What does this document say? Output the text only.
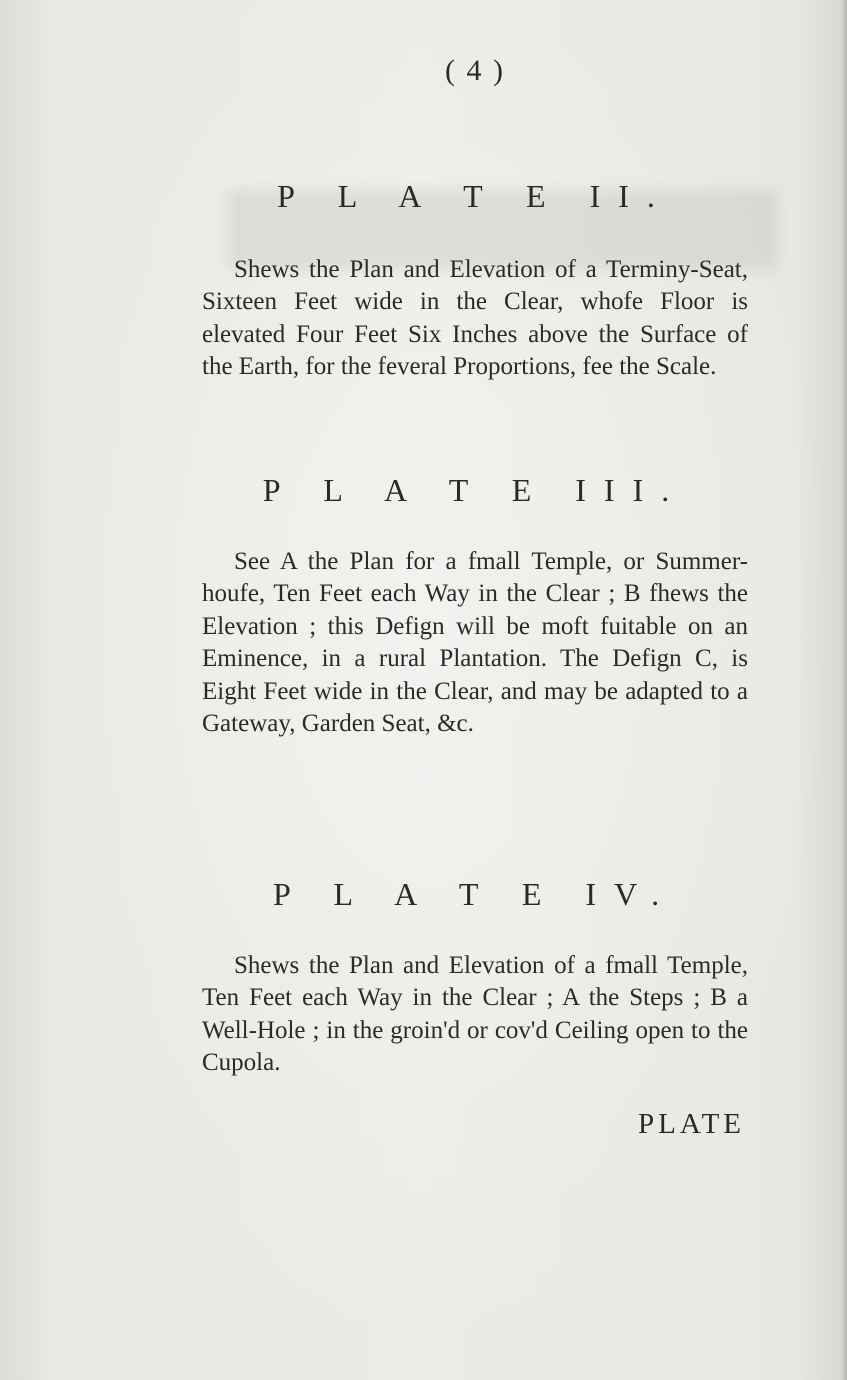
( 4 )
P L A T E II.

Shews the Plan and Elevation of a Terminy-Seat, Sixteen Feet wide in the Clear, whofe Floor is elevated Four Feet Six Inches above the Surface of the Earth, for the feveral Proportions, fee the Scale.

P L A T E III.

See A the Plan for a fmall Temple, or Summer-houfe, Ten Feet each Way in the Clear ; B fhews the Elevation ; this Defign will be moft fuitable on an Eminence, in a rural Plantation. The Defign C, is Eight Feet wide in the Clear, and may be adapted to a Gateway, Garden Seat, &c.

P L A T E IV.

Shews the Plan and Elevation of a fmall Temple, Ten Feet each Way in the Clear ; A the Steps ; B a Well-Hole ; in the groin'd or cov'd Ceiling open to the Cupola.

PLATE
